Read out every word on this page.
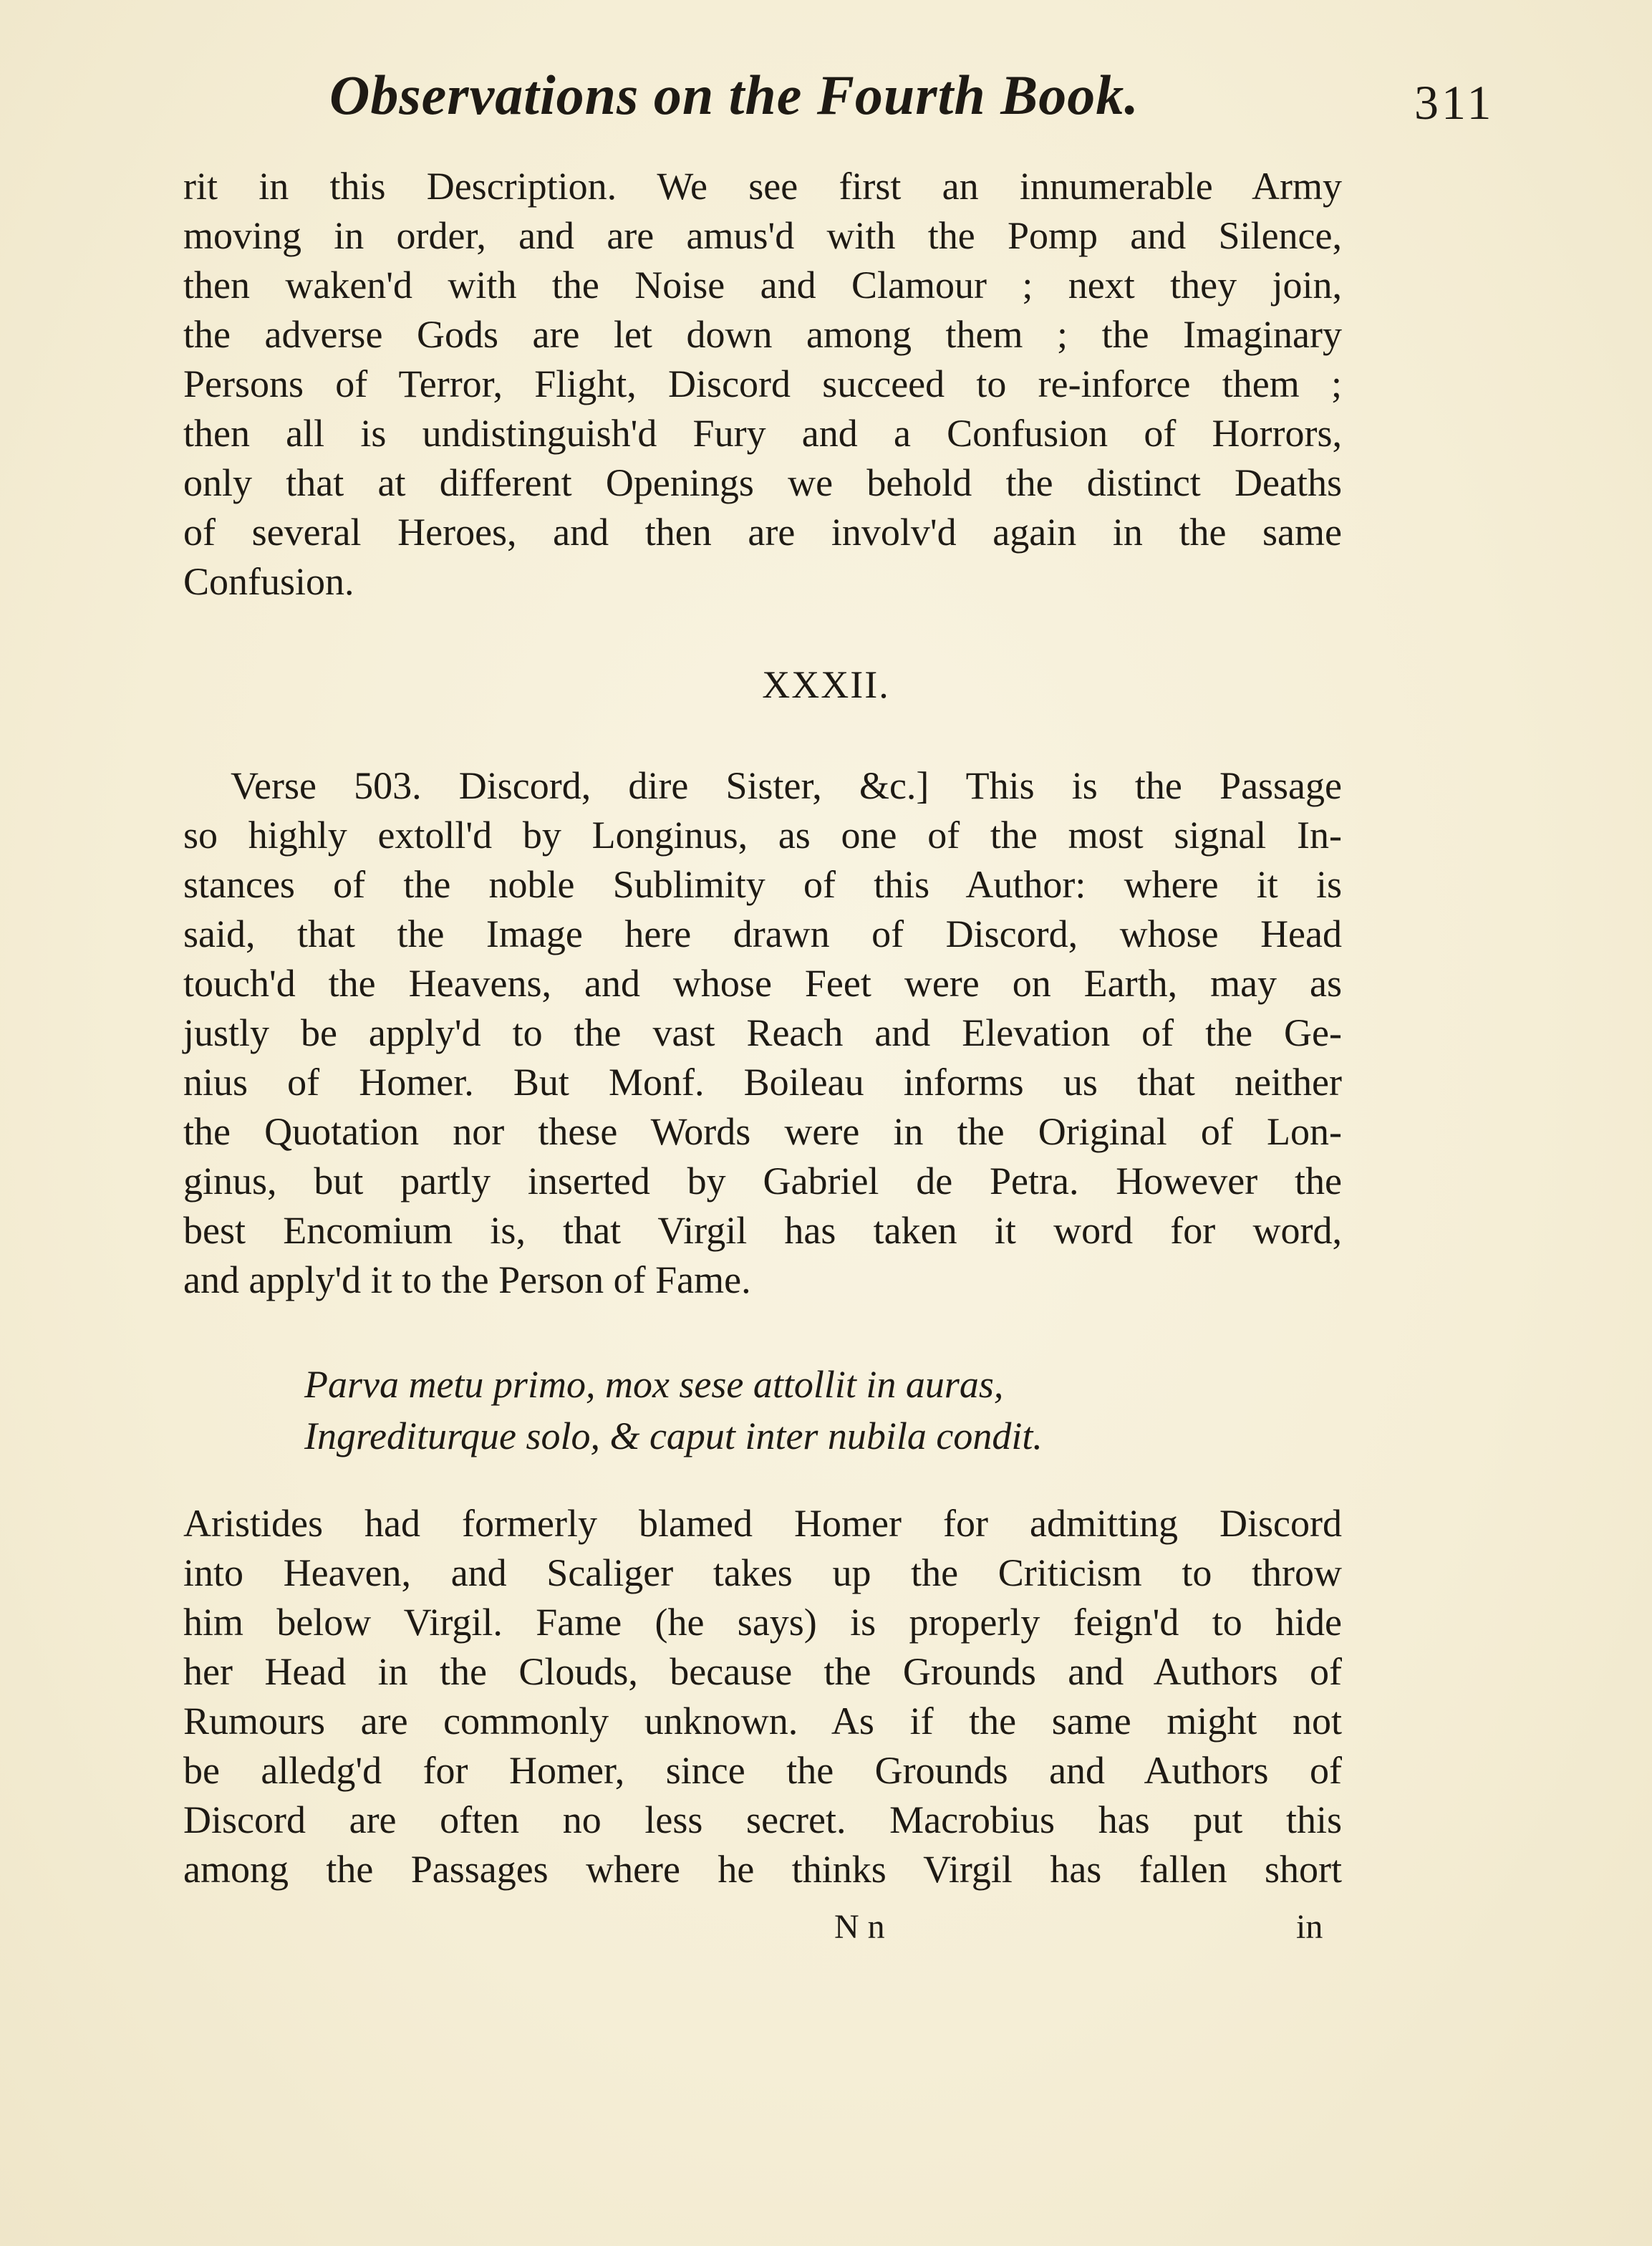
Observations on the Fourth Book.	311
rit in this Description. We see first an innumerable Army
moving in order, and are amus'd with the Pomp and Silence,
then waken'd with the Noise and Clamour ; next they join,
the adverse Gods are let down among them ; the Imaginary
Persons of Terror, Flight, Discord succeed to re-inforce them ;
then all is undistinguish'd Fury and a Confusion of Horrors,
only that at different Openings we behold the distinct Deaths
of several Heroes, and then are involv'd again in the same
Confusion.
XXXII.
Verse 503. Discord, dire Sister, &c.] This is the Passage
so highly extoll'd by Longinus, as one of the most signal In-
stances of the noble Sublimity of this Author: where it is
said, that the Image here drawn of Discord, whose Head
touch'd the Heavens, and whose Feet were on Earth, may as
justly be apply'd to the vast Reach and Elevation of the Ge-
nius of Homer. But Monf. Boileau informs us that neither
the Quotation nor these Words were in the Original of Lon-
ginus, but partly inserted by Gabriel de Petra. However the
best Encomium is, that Virgil has taken it word for word,
and apply'd it to the Person of Fame.
Parva metu primo, mox sese attollit in auras,
Ingrediturque solo, & caput inter nubila condit.
Aristides had formerly blamed Homer for admitting Discord
into Heaven, and Scaliger takes up the Criticism to throw
him below Virgil. Fame (he says) is properly feign'd to hide
her Head in the Clouds, because the Grounds and Authors of
Rumours are commonly unknown. As if the same might not
be alledg'd for Homer, since the Grounds and Authors of
Discord are often no less secret. Macrobius has put this
among the Passages where he thinks Virgil has fallen short
N n	in
